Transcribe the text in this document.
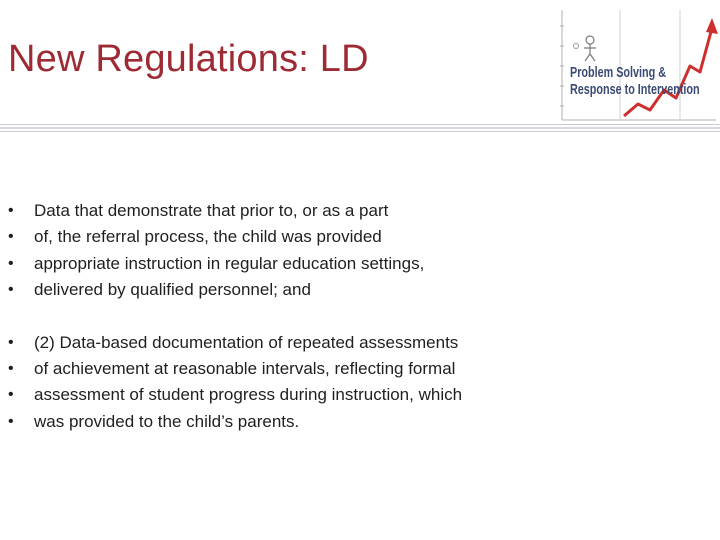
New Regulations: LD	Problem Solving &
Response to Intervention
• Data that demonstrate that prior to, or as a part
• of, the referral process, the child was provided
• appropriate instruction in regular education settings,
• delivered by qualified personnel; and
• (2) Data-based documentation of repeated assessments
• of achievement at reasonable intervals, reflecting formal
• assessment of student progress during instruction, which
• was provided to the child’s parents.
